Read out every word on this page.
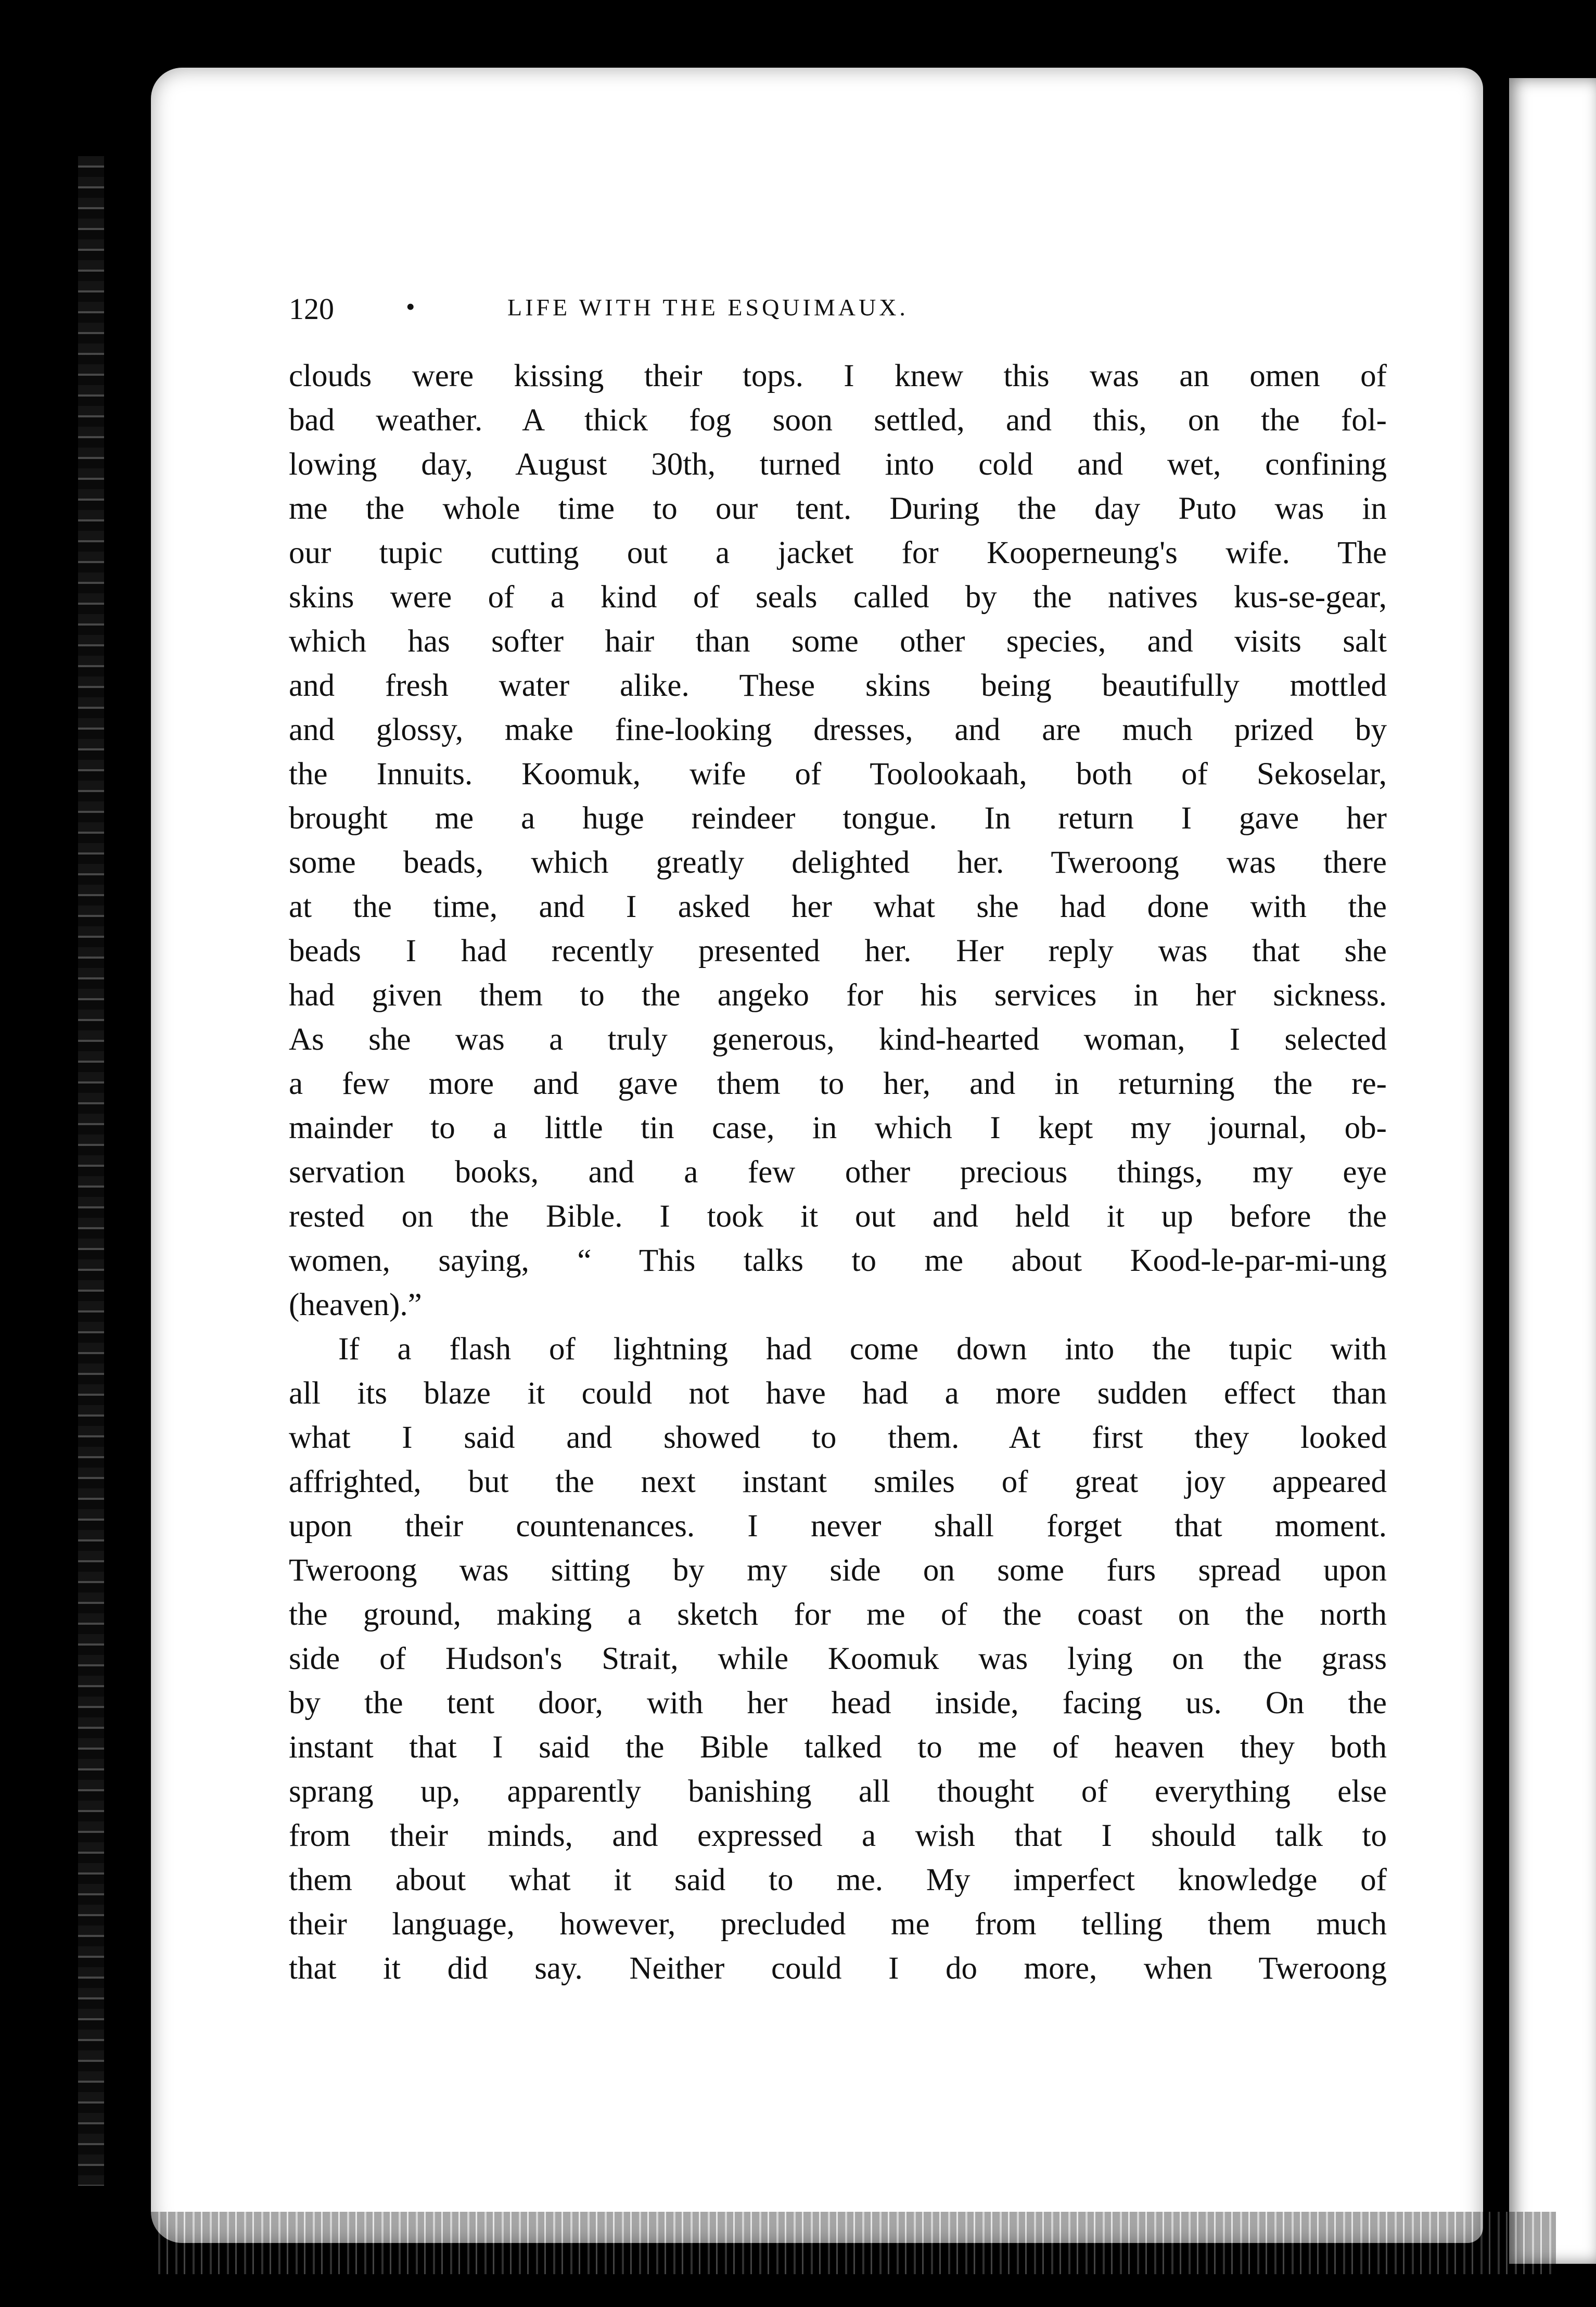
120	•	LIFE WITH THE ESQUIMAUX.
clouds were kissing their tops. I knew this was an omen of
bad weather. A thick fog soon settled, and this, on the fol-
lowing day, August 30th, turned into cold and wet, confining
me the whole time to our tent. During the day Puto was in
our tupic cutting out a jacket for Kooperneung's wife. The
skins were of a kind of seals called by the natives kus-se-gear,
which has softer hair than some other species, and visits salt
and fresh water alike. These skins being beautifully mottled
and glossy, make fine-looking dresses, and are much prized by
the Innuits. Koomuk, wife of Toolookaah, both of Sekoselar,
brought me a huge reindeer tongue. In return I gave her
some beads, which greatly delighted her. Tweroong was there
at the time, and I asked her what she had done with the
beads I had recently presented her. Her reply was that she
had given them to the angeko for his services in her sickness.
As she was a truly generous, kind-hearted woman, I selected
a few more and gave them to her, and in returning the re-
mainder to a little tin case, in which I kept my journal, ob-
servation books, and a few other precious things, my eye
rested on the Bible. I took it out and held it up before the
women, saying, “ This talks to me about Kood-le-par-mi-ung
(heaven).”
If a flash of lightning had come down into the tupic with
all its blaze it could not have had a more sudden effect than
what I said and showed to them. At first they looked
affrighted, but the next instant smiles of great joy appeared
upon their countenances. I never shall forget that moment.
Tweroong was sitting by my side on some furs spread upon
the ground, making a sketch for me of the coast on the north
side of Hudson's Strait, while Koomuk was lying on the grass
by the tent door, with her head inside, facing us. On the
instant that I said the Bible talked to me of heaven they both
sprang up, apparently banishing all thought of everything else
from their minds, and expressed a wish that I should talk to
them about what it said to me. My imperfect knowledge of
their language, however, precluded me from telling them much
that it did say. Neither could I do more, when Tweroong
